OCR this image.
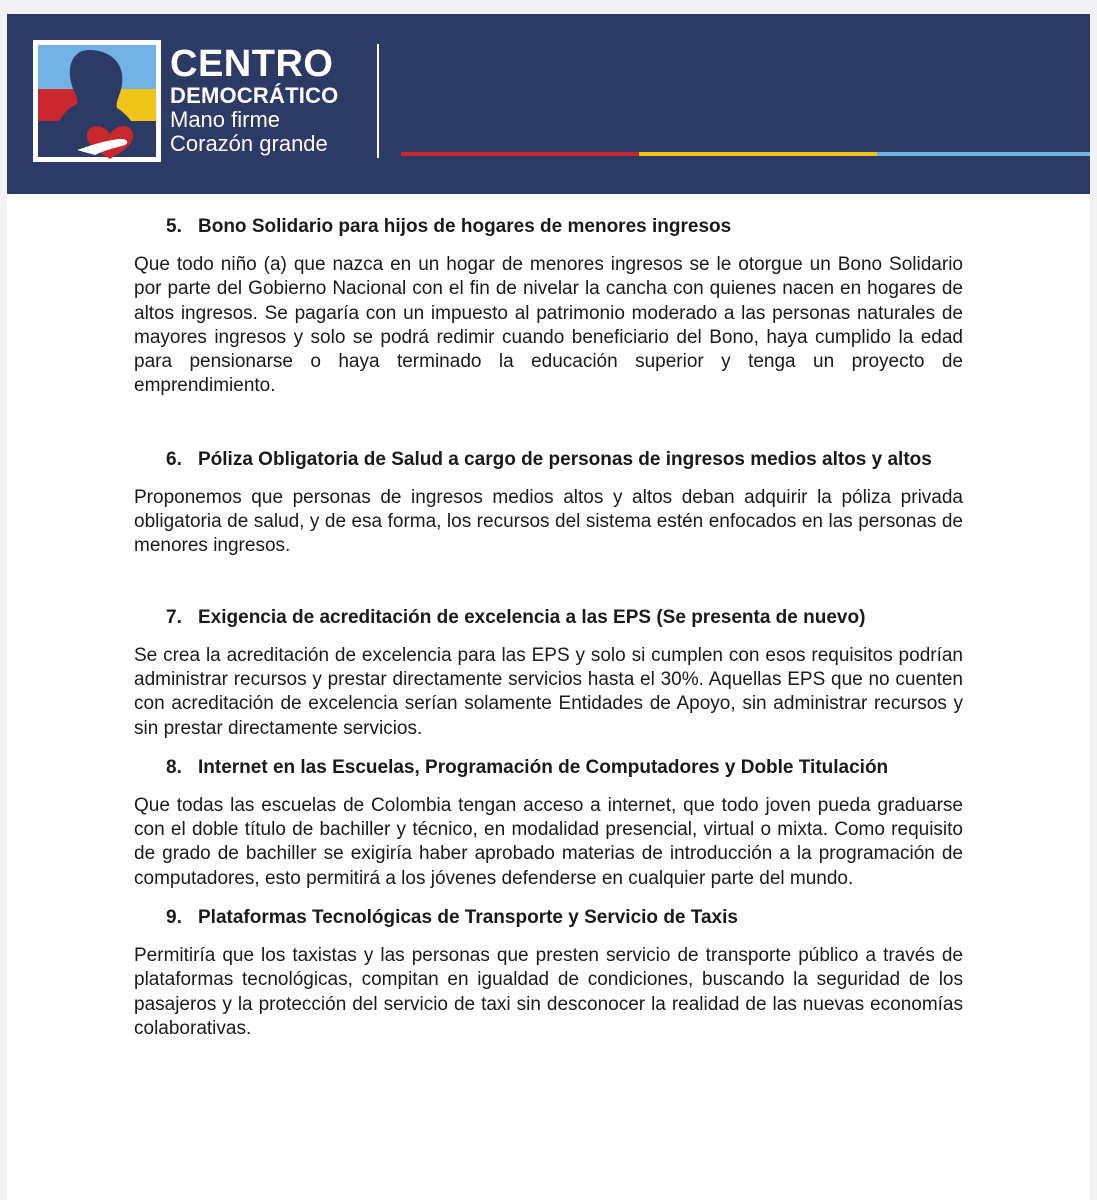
CENTRO
DEMOCRÁTICO
Mano firme
Corazón grande
5. Bono Solidario para hijos de hogares de menores ingresos
Que todo niño (a) que nazca en un hogar de menores ingresos se le otorgue un Bono Solidario por parte del Gobierno Nacional con el fin de nivelar la cancha con quienes nacen en hogares de altos ingresos. Se pagaría con un impuesto al patrimonio moderado a las personas naturales de mayores ingresos y solo se podrá redimir cuando beneficiario del Bono, haya cumplido la edad para pensionarse o haya terminado la educación superior y tenga un proyecto de emprendimiento.
6. Póliza Obligatoria de Salud a cargo de personas de ingresos medios altos y altos
Proponemos que personas de ingresos medios altos y altos deban adquirir la póliza privada obligatoria de salud, y de esa forma, los recursos del sistema estén enfocados en las personas de menores ingresos.
7. Exigencia de acreditación de excelencia a las EPS (Se presenta de nuevo)
Se crea la acreditación de excelencia para las EPS y solo si cumplen con esos requisitos podrían administrar recursos y prestar directamente servicios hasta el 30%. Aquellas EPS que no cuenten con acreditación de excelencia serían solamente Entidades de Apoyo, sin administrar recursos y sin prestar directamente servicios.
8. Internet en las Escuelas, Programación de Computadores y Doble Titulación
Que todas las escuelas de Colombia tengan acceso a internet, que todo joven pueda graduarse con el doble título de bachiller y técnico, en modalidad presencial, virtual o mixta. Como requisito de grado de bachiller se exigiría haber aprobado materias de introducción a la programación de computadores, esto permitirá a los jóvenes defenderse en cualquier parte del mundo.
9. Plataformas Tecnológicas de Transporte y Servicio de Taxis
Permitiría que los taxistas y las personas que presten servicio de transporte público a través de plataformas tecnológicas, compitan en igualdad de condiciones, buscando la seguridad de los pasajeros y la protección del servicio de taxi sin desconocer la realidad de las nuevas economías colaborativas.
